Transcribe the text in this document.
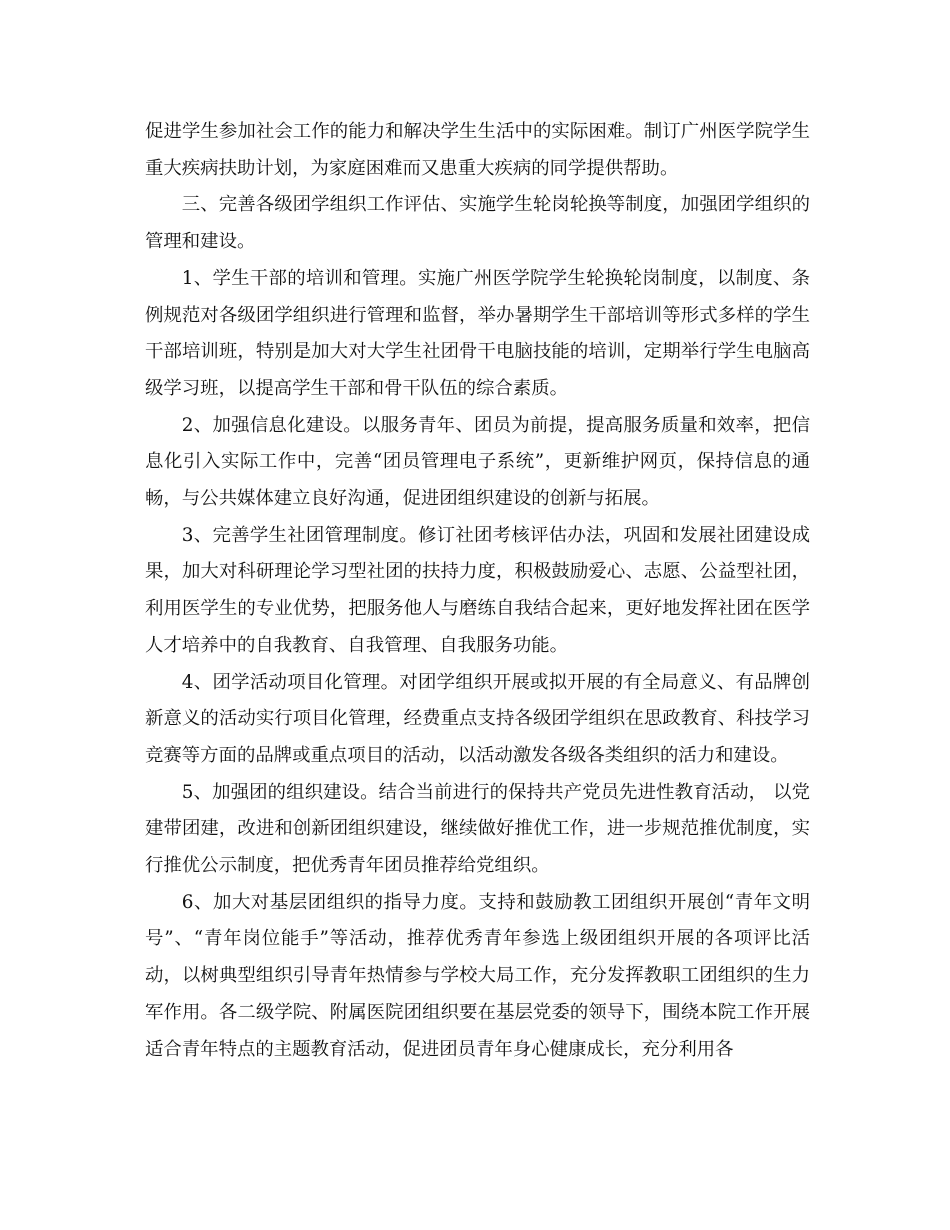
促进学生参加社会工作的能力和解决学生生活中的实际困难。制订广州医学院学生重大疾病扶助计划，为家庭困难而又患重大疾病的同学提供帮助。

三、完善各级团学组织工作评估、实施学生轮岗轮换等制度，加强团学组织的管理和建设。

1、学生干部的培训和管理。实施广州医学院学生轮换轮岗制度，以制度、条例规范对各级团学组织进行管理和监督，举办暑期学生干部培训等形式多样的学生干部培训班，特别是加大对大学生社团骨干电脑技能的培训，定期举行学生电脑高级学习班，以提高学生干部和骨干队伍的综合素质。

2、加强信息化建设。以服务青年、团员为前提，提高服务质量和效率，把信息化引入实际工作中，完善“团员管理电子系统”，更新维护网页，保持信息的通畅，与公共媒体建立良好沟通，促进团组织建设的创新与拓展。

3、完善学生社团管理制度。修订社团考核评估办法，巩固和发展社团建设成果，加大对科研理论学习型社团的扶持力度，积极鼓励爱心、志愿、公益型社团，利用医学生的专业优势，把服务他人与磨练自我结合起来，更好地发挥社团在医学人才培养中的自我教育、自我管理、自我服务功能。

4、团学活动项目化管理。对团学组织开展或拟开展的有全局意义、有品牌创新意义的活动实行项目化管理，经费重点支持各级团学组织在思政教育、科技学习竞赛等方面的品牌或重点项目的活动，以活动激发各级各类组织的活力和建设。

5、加强团的组织建设。结合当前进行的保持共产党员先进性教育活动， 以党建带团建，改进和创新团组织建设，继续做好推优工作，进一步规范推优制度，实行推优公示制度，把优秀青年团员推荐给党组织。

6、加大对基层团组织的指导力度。支持和鼓励教工团组织开展创“青年文明号”、“青年岗位能手”等活动，推荐优秀青年参选上级团组织开展的各项评比活动，以树典型组织引导青年热情参与学校大局工作，充分发挥教职工团组织的生力军作用。各二级学院、附属医院团组织要在基层党委的领导下，围绕本院工作开展适合青年特点的主题教育活动，促进团员青年身心健康成长，充分利用各
